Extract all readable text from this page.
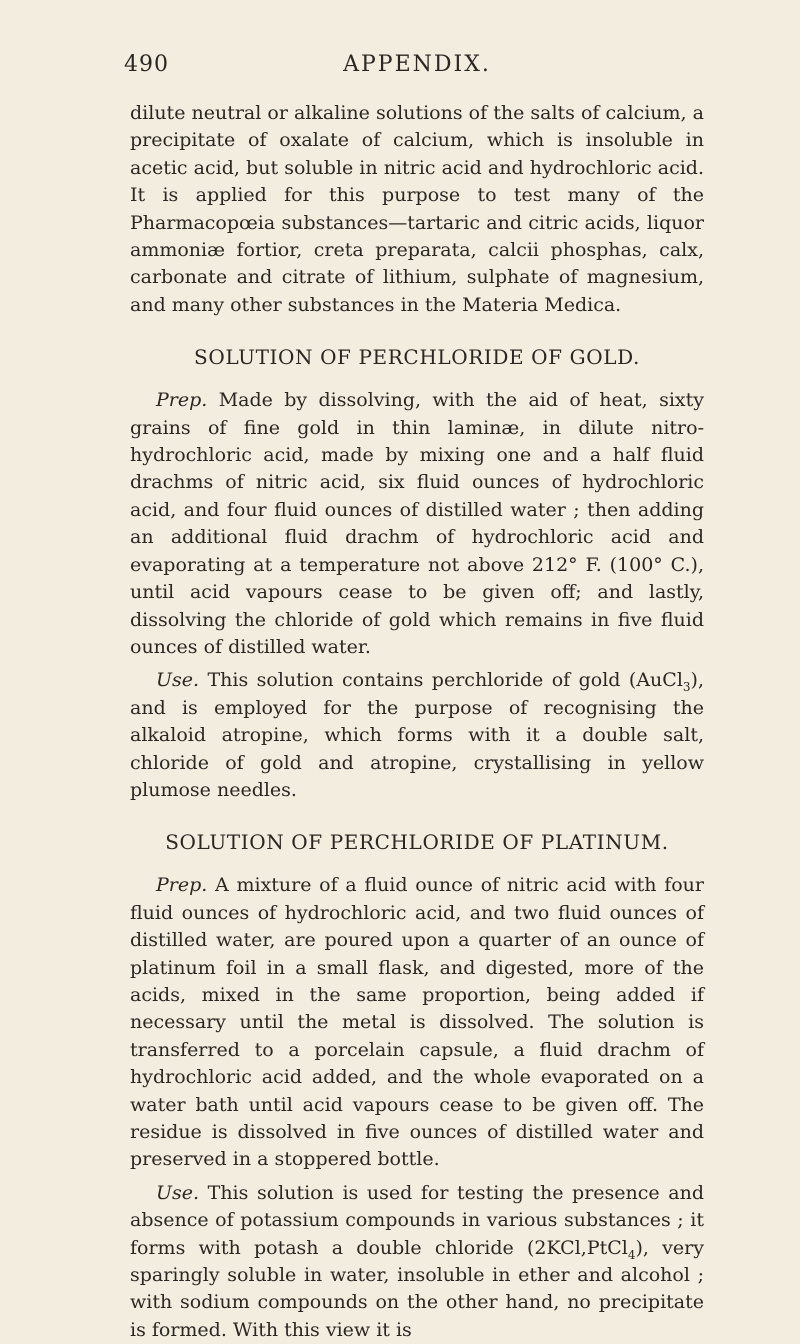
490	APPENDIX.

dilute neutral or alkaline solutions of the salts of calcium, a precipitate of oxalate of calcium, which is insoluble in acetic acid, but soluble in nitric acid and hydrochloric acid. It is applied for this purpose to test many of the Pharmacopœia substances—tartaric and citric acids, liquor ammoniæ fortior, creta preparata, calcii phosphas, calx, carbonate and citrate of lithium, sulphate of magnesium, and many other substances in the Materia Medica.

SOLUTION OF PERCHLORIDE OF GOLD.

Prep. Made by dissolving, with the aid of heat, sixty grains of fine gold in thin laminæ, in dilute nitro-hydrochloric acid, made by mixing one and a half fluid drachms of nitric acid, six fluid ounces of hydrochloric acid, and four fluid ounces of distilled water ; then adding an additional fluid drachm of hydrochloric acid and evaporating at a temperature not above 212° F. (100° C.), until acid vapours cease to be given off; and lastly, dissolving the chloride of gold which remains in five fluid ounces of distilled water.

Use. This solution contains perchloride of gold (AuCl$_3$), and is employed for the purpose of recognising the alkaloid atropine, which forms with it a double salt, chloride of gold and atropine, crystallising in yellow plumose needles.

SOLUTION OF PERCHLORIDE OF PLATINUM.

Prep. A mixture of a fluid ounce of nitric acid with four fluid ounces of hydrochloric acid, and two fluid ounces of distilled water, are poured upon a quarter of an ounce of platinum foil in a small flask, and digested, more of the acids, mixed in the same proportion, being added if necessary until the metal is dissolved. The solution is transferred to a porcelain capsule, a fluid drachm of hydrochloric acid added, and the whole evaporated on a water bath until acid vapours cease to be given off. The residue is dissolved in five ounces of distilled water and preserved in a stoppered bottle.

Use. This solution is used for testing the presence and absence of potassium compounds in various substances ; it forms with potash a double chloride (2KCl,PtCl$_4$), very sparingly soluble in water, insoluble in ether and alcohol ; with sodium compounds on the other hand, no precipitate is formed. With this view it is
